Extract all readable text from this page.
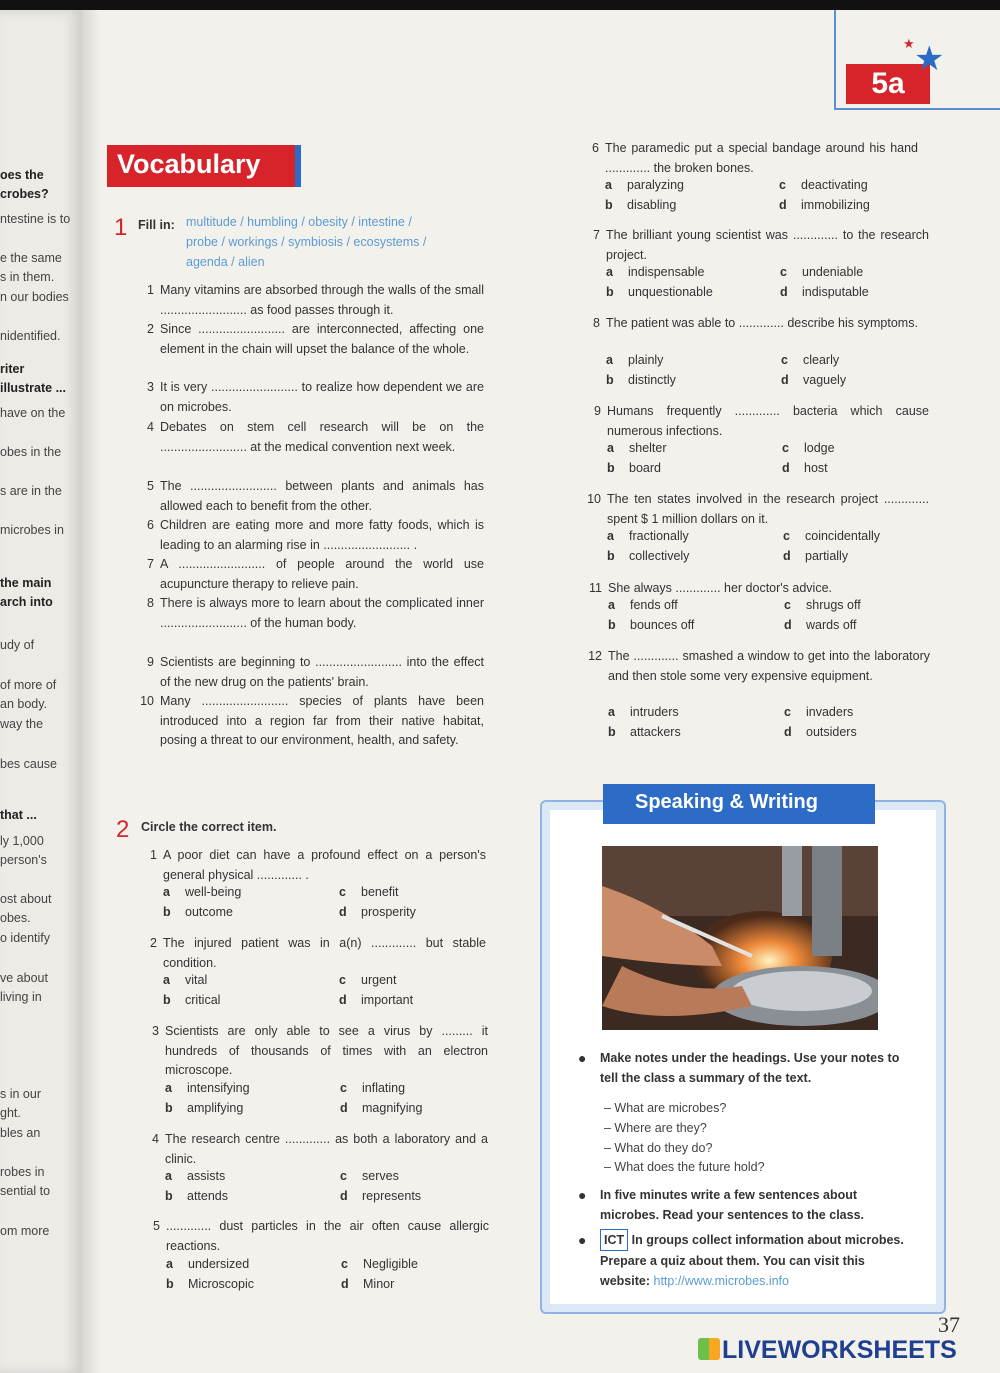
oes the
crobes?
ntestine is to
e the same
s in them.
n our bodies
nidentified.
riter
illustrate ...
have on the
obes in the
s are in the
microbes in
the main
arch into
udy of
of more of
an body.
way the
bes cause
that ...
ly 1,000
person's
ost about
obes.
o identify
ve about
living in
s in our
ght.
bles an
robes in
sential to
om more
★
5a
★
Vocabulary
1 Fill in: multitude / humbling / obesity / intestine /
probe / workings / symbiosis / ecosystems /
agenda / alien
1 Many vitamins are absorbed through the walls of the small ......................... as food passes through it.
2 Since ......................... are interconnected, affecting one element in the chain will upset the balance of the whole.
3 It is very ......................... to realize how dependent we are on microbes.
4 Debates on stem cell research will be on the ......................... at the medical convention next week.
5 The ......................... between plants and animals has allowed each to benefit from the other.
6 Children are eating more and more fatty foods, which is leading to an alarming rise in ......................... .
7 A ......................... of people around the world use acupuncture therapy to relieve pain.
8 There is always more to learn about the complicated inner ......................... of the human body.
9 Scientists are beginning to ......................... into the effect of the new drug on the patients' brain.
10 Many ......................... species of plants have been introduced into a region far from their native habitat, posing a threat to our environment, health, and safety.
2 Circle the correct item.
1 A poor diet can have a profound effect on a person's general physical ............. .
a well-being
b outcome
c benefit
d prosperity
2 The injured patient was in a(n) ............. but stable condition.
a vital
b critical
c urgent
d important
3 Scientists are only able to see a virus by ......... it hundreds of thousands of times with an electron microscope.
a intensifying
b amplifying
c inflating
d magnifying
4 The research centre ............. as both a laboratory and a clinic.
a assists
b attends
c serves
d represents
5 ............. dust particles in the air often cause allergic reactions.
a undersized
b Microscopic
c Negligible
d Minor
6 The paramedic put a special bandage around his hand ............. the broken bones.
a paralyzing
b disabling
c deactivating
d immobilizing
7 The brilliant young scientist was ............. to the research project.
a indispensable
b unquestionable
c undeniable
d indisputable
8 The patient was able to ............. describe his symptoms.
a plainly
b distinctly
c clearly
d vaguely
9 Humans frequently ............. bacteria which cause numerous infections.
a shelter
b board
c lodge
d host
10 The ten states involved in the research project ............. spent $ 1 million dollars on it.
a fractionally
b collectively
c coincidentally
d partially
11 She always ............. her doctor's advice.
a fends off
b bounces off
c shrugs off
d wards off
12 The ............. smashed a window to get into the laboratory and then stole some very expensive equipment.
a intruders
b attackers
c invaders
d outsiders
Speaking & Writing
● Make notes under the headings. Use your notes to tell the class a summary of the text.
– What are microbes?
– Where are they?
– What do they do?
– What does the future hold?
● In five minutes write a few sentences about microbes. Read your sentences to the class.
●	ICT In groups collect information about microbes. Prepare a quiz about them. You can visit this website: http://www.microbes.info
37
LIVEWORKSHEETS
